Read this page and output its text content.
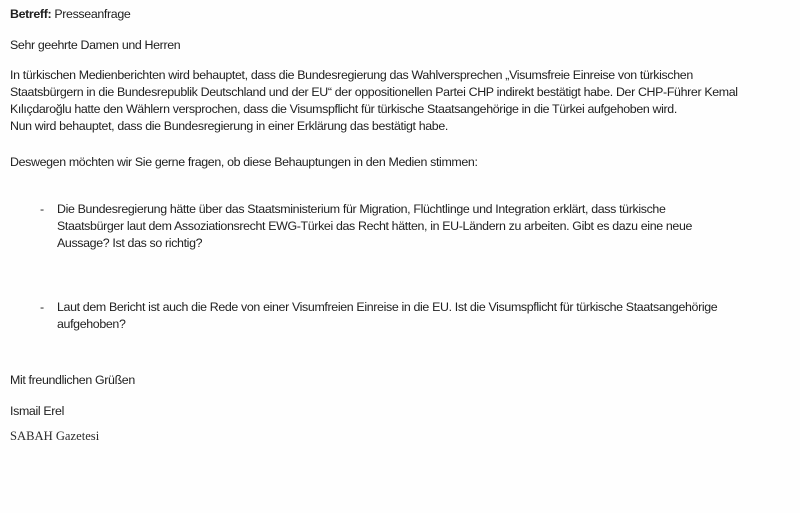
Betreff: Presseanfrage
Sehr geehrte Damen und Herren
In türkischen Medienberichten wird behauptet, dass die Bundesregierung das Wahlversprechen „Visumsfreie Einreise von türkischen
Staatsbürgern in die Bundesrepublik Deutschland und der EU“ der oppositionellen Partei CHP indirekt bestätigt habe. Der CHP-Führer Kemal
Kılıçdaroğlu hatte den Wählern versprochen, dass die Visumspflicht für türkische Staatsangehörige in die Türkei aufgehoben wird.
Nun wird behauptet, dass die Bundesregierung in einer Erklärung das bestätigt habe.
Deswegen möchten wir Sie gerne fragen, ob diese Behauptungen in den Medien stimmen:
-	Die Bundesregierung hätte über das Staatsministerium für Migration, Flüchtlinge und Integration erklärt, dass türkische
Staatsbürger laut dem Assoziationsrecht EWG-Türkei das Recht hätten, in EU-Ländern zu arbeiten. Gibt es dazu eine neue
Aussage? Ist das so richtig?
-	Laut dem Bericht ist auch die Rede von einer Visumfreien Einreise in die EU. Ist die Visumspflicht für türkische Staatsangehörige
aufgehoben?
Mit freundlichen Grüßen
Ismail Erel
SABAH Gazetesi
